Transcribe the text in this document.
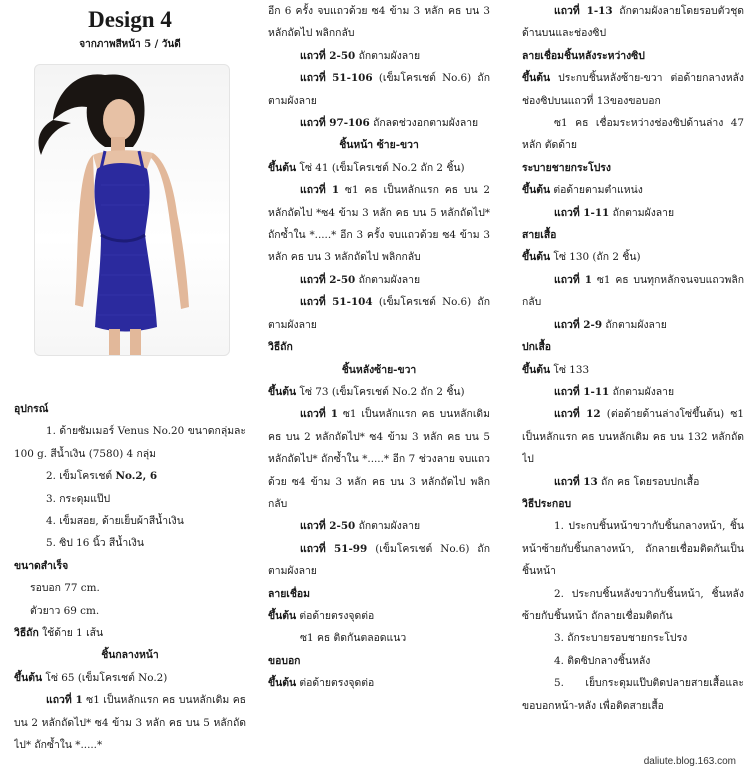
Design 4
จากภาพสีหน้า 5 / วันดี

อุปกรณ์

1. ด้ายซัมเมอร์ Venus No.20 ขนาดกลุ่มละ 100 g. สีน้ำเงิน (7580) 4 กลุ่ม

2. เข็มโครเชต์ No.2, 6

3. กระดุมแป๊ป

4. เข็มสอย, ด้ายเย็บผ้าสีน้ำเงิน

5. ซิป 16 นิ้ว สีน้ำเงิน

ขนาดสำเร็จ

รอบอก 77 cm.

ตัวยาว 69 cm.

วิธีถัก ใช้ด้าย 1 เส้น

ชิ้นกลางหน้า

ขึ้นต้น โซ่ 65 (เข็มโครเชต์ No.2)

แถวที่ 1 ซ1 เป็นหลักแรก คธ บนหลักเดิม คธ บน 2 หลักถัดไป* ซ4 ข้าม 3 หลัก คธ บน 5 หลักถัดไป* ถักซ้ำใน *.....*

อีก 6 ครั้ง จบแถวด้วย ซ4 ข้าม 3 หลัก คธ บน 3 หลักถัดไป พลิกกลับ

แถวที่ 2-50 ถักตามผังลาย

แถวที่ 51-106 (เข็มโครเชต์ No.6) ถักตามผังลาย

แถวที่ 97-106 ถักลดช่วงอกตามผังลาย

ชิ้นหน้า ซ้าย-ขวา

ขึ้นต้น โซ่ 41 (เข็มโครเชต์ No.2 ถัก 2 ชิ้น)

แถวที่ 1 ซ1 คธ เป็นหลักแรก คธ บน 2 หลักถัดไป *ซ4 ข้าม 3 หลัก คธ บน 5 หลักถัดไป* ถักซ้ำใน *.....* อีก 3 ครั้ง จบแถวด้วย ซ4 ข้าม 3 หลัก คธ บน 3 หลักถัดไป พลิกกลับ

แถวที่ 2-50 ถักตามผังลาย

แถวที่ 51-104 (เข็มโครเชต์ No.6) ถักตามผังลาย

วิธีถัก

ชิ้นหลังซ้าย-ขวา

ขึ้นต้น โซ่ 73 (เข็มโครเชต์ No.2 ถัก 2 ชิ้น)

แถวที่ 1 ซ1 เป็นหลักแรก คธ บนหลักเดิม คธ บน 2 หลักถัดไป* ซ4 ข้าม 3 หลัก คธ บน 5 หลักถัดไป* ถักซ้ำใน *.....* อีก 7 ช่วงลาย จบแถวด้วย ซ4 ข้าม 3 หลัก คธ บน 3 หลักถัดไป พลิกกลับ

แถวที่ 2-50 ถักตามผังลาย

แถวที่ 51-99 (เข็มโครเชต์ No.6) ถักตามผังลาย

ลายเชื่อม

ขึ้นต้น ต่อด้ายตรงจุดต่อ

ซ1 คธ ติดกันตลอดแนว

ขอบอก

ขึ้นต้น ต่อด้ายตรงจุดต่อ

แถวที่ 1-13 ถักตามผังลายโดยรอบตัวชุดด้านบนและช่องซิป

ลายเชื่อมชิ้นหลังระหว่างซิป

ขึ้นต้น ประกบชิ้นหลังซ้าย-ขวา ต่อด้ายกลางหลังช่องซิปบนแถวที่ 13ของขอบอก

ซ1 คธ เชื่อมระหว่างช่องซิปด้านล่าง 47 หลัก ตัดด้าย

ระบายชายกระโปรง

ขึ้นต้น ต่อด้ายตามตำแหน่ง

แถวที่ 1-11 ถักตามผังลาย

สายเสื้อ

ขึ้นต้น โซ่ 130 (ถัก 2 ชิ้น)

แถวที่ 1 ซ1 คธ บนทุกหลักจนจบแถวพลิกกลับ

แถวที่ 2-9 ถักตามผังลาย

ปกเสื้อ

ขึ้นต้น โซ่ 133

แถวที่ 1-11 ถักตามผังลาย

แถวที่ 12 (ต่อด้ายด้านล่างโซ่ขึ้นต้น) ซ1 เป็นหลักแรก คธ บนหลักเดิม คธ บน 132 หลักถัดไป

แถวที่ 13 ถัก คธ โดยรอบปกเสื้อ

วิธีประกอบ

1. ประกบชิ้นหน้าขวากับชิ้นกลางหน้า, ชิ้นหน้าซ้ายกับชิ้นกลางหน้า, ถักลายเชื่อมติดกันเป็นชิ้นหน้า

2. ประกบชิ้นหลังขวากับชิ้นหน้า, ชิ้นหลังซ้ายกับชิ้นหน้า ถักลายเชื่อมติดกัน

3. ถักระบายรอบชายกระโปรง

4. ติดซิปกลางชิ้นหลัง

5. เย็บกระดุมแป๊บติดปลายสายเสื้อและขอบอกหน้า-หลัง เพื่อติดสายเสื้อ

daliute.blog.163.com
